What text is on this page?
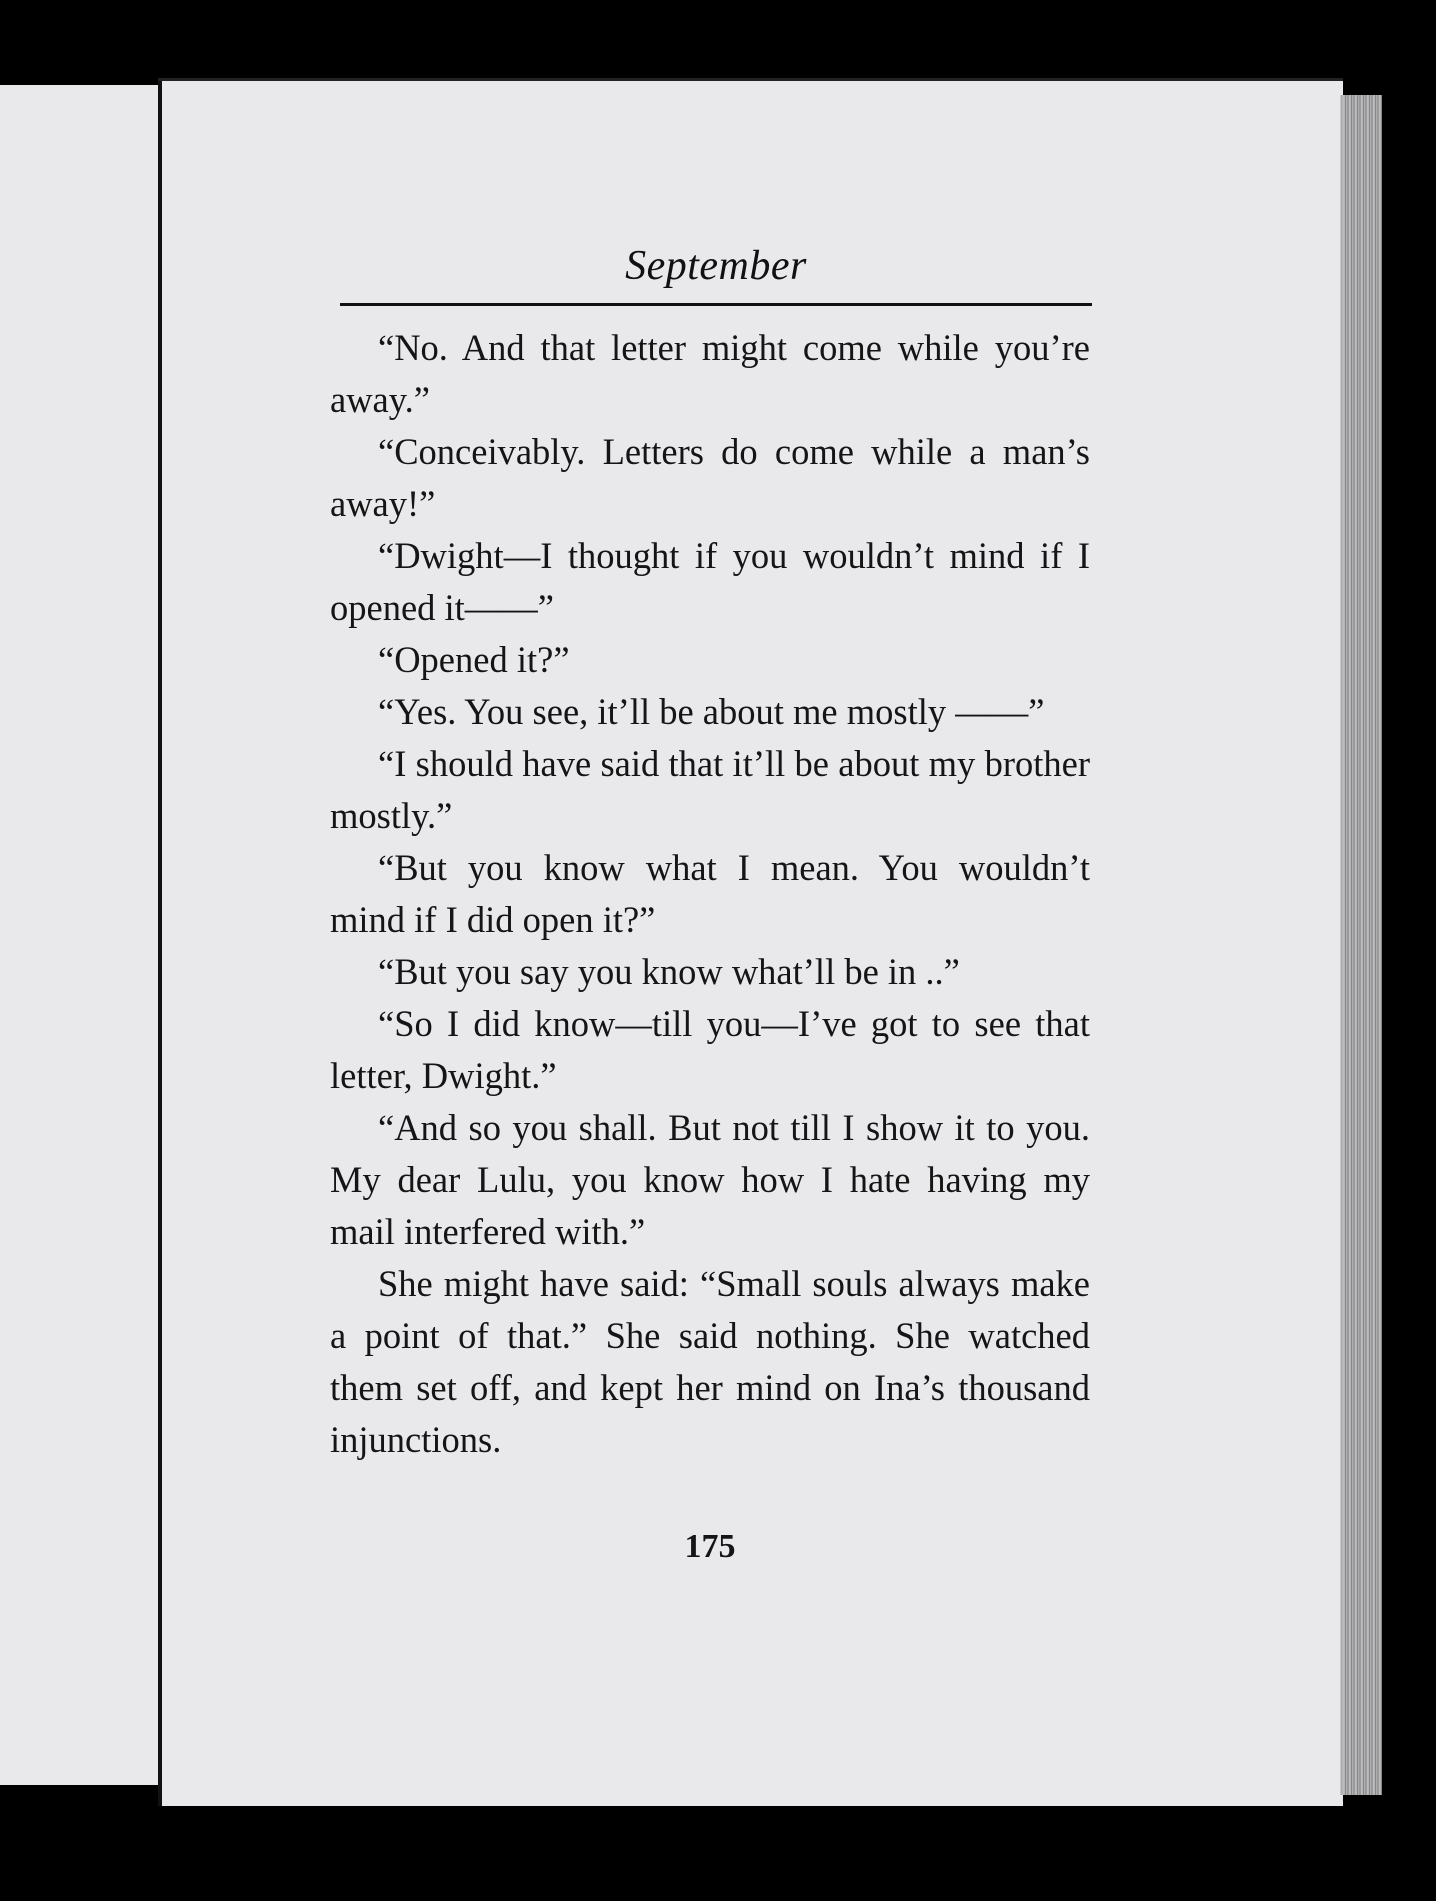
September

“No. And that letter might come while you’re away.”

“Conceivably. Letters do come while a man’s away!”

“Dwight—I thought if you wouldn’t mind if I opened it——”

“Opened it?”

“Yes. You see, it’ll be about me mostly ——”

“I should have said that it’ll be about my brother mostly.”

“But you know what I mean. You wouldn’t mind if I did open it?”

“But you say you know what’ll be in ..”

“So I did know—till you—I’ve got to see that letter, Dwight.”

“And so you shall. But not till I show it to you. My dear Lulu, you know how I hate having my mail interfered with.”

She might have said: “Small souls always make a point of that.” She said nothing. She watched them set off, and kept her mind on Ina’s thousand injunctions.

175
